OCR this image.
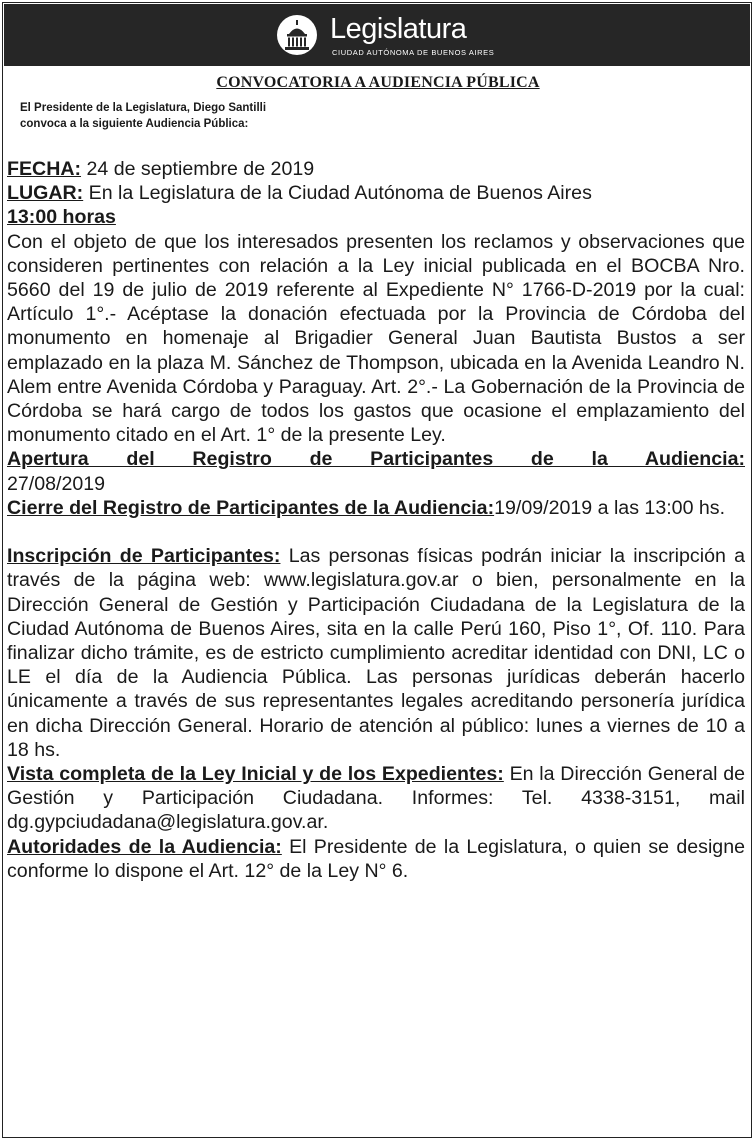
Legislatura
CIUDAD AUTÓNOMA DE BUENOS AIRES
CONVOCATORIA A AUDIENCIA PÚBLICA
El Presidente de la Legislatura, Diego Santilli
convoca a la siguiente Audiencia Pública:

FECHA: 24 de septiembre de 2019

LUGAR: En la Legislatura de la Ciudad Autónoma de Buenos Aires

13:00 horas

Con el objeto de que los interesados presenten los reclamos y observaciones que consideren pertinentes con relación a la Ley inicial publicada en el BOCBA Nro. 5660 del 19 de julio de 2019 referente al Expediente N° 1766-D-2019 por la cual: Artículo 1°.- Acéptase la donación efectuada por la Provincia de Córdoba del monumento en homenaje al Brigadier General Juan Bautista Bustos a ser emplazado en la plaza M. Sánchez de Thompson, ubicada en la Avenida Leandro N. Alem entre Avenida Córdoba y Paraguay. Art. 2°.- La Gobernación de la Provincia de Córdoba se hará cargo de todos los gastos que ocasione el emplazamiento del monumento citado en el Art. 1° de la presente Ley.

Apertura del Registro de Participantes de la Audiencia:

27/08/2019

Cierre del Registro de Participantes de la Audiencia:19/09/2019 a las 13:00 hs.

Inscripción de Participantes: Las personas físicas podrán iniciar la inscripción a través de la página web: www.legislatura.gov.ar o bien, personalmente en la Dirección General de Gestión y Participación Ciudadana de la Legislatura de la Ciudad Autónoma de Buenos Aires, sita en la calle Perú 160, Piso 1°, Of. 110. Para finalizar dicho trámite, es de estricto cumplimiento acreditar identidad con DNI, LC o LE el día de la Audiencia Pública. Las personas jurídicas deberán hacerlo únicamente a través de sus representantes legales acreditando personería jurídica en dicha Dirección General. Horario de atención al público: lunes a viernes de 10 a 18 hs.

Vista completa de la Ley Inicial y de los Expedientes: En la Dirección General de Gestión y Participación Ciudadana. Informes: Tel. 4338-3151, mail dg.gypciudadana@legislatura.gov.ar.

Autoridades de la Audiencia: El Presidente de la Legislatura, o quien se designe conforme lo dispone el Art. 12° de la Ley N° 6.
